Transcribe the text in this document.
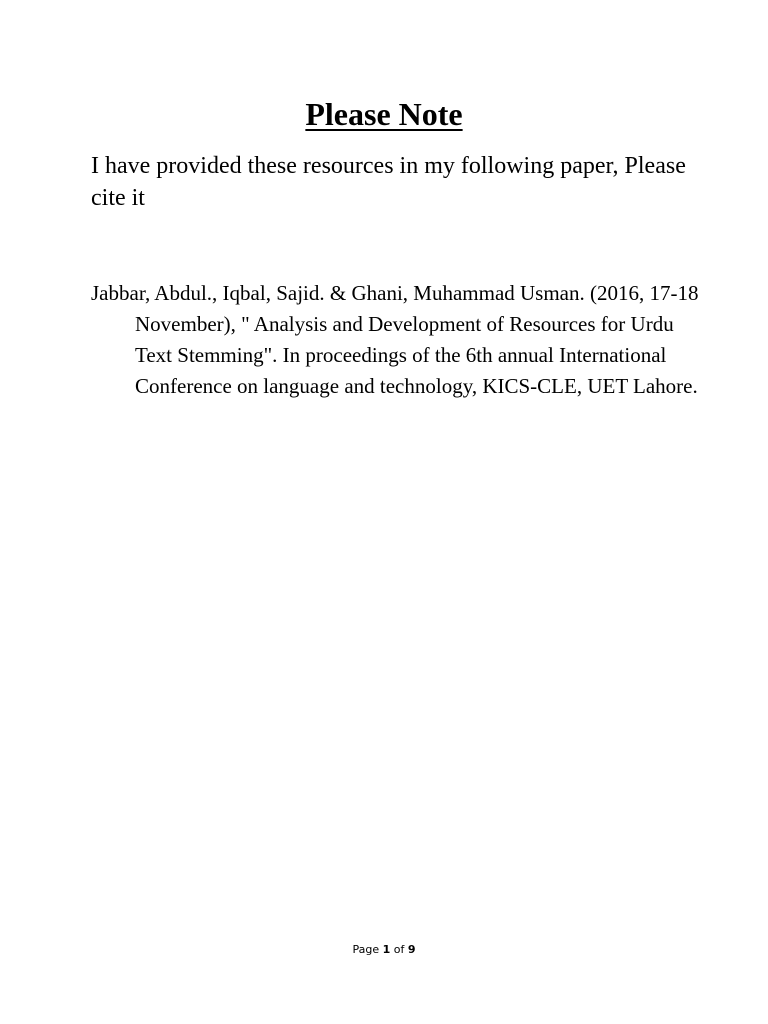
Please Note

I have provided these resources in my following paper, Please cite it

Jabbar, Abdul., Iqbal, Sajid. & Ghani, Muhammad Usman. (2016, 17-18 November), " Analysis and Development of Resources for Urdu Text Stemming". In proceedings of the 6th annual International Conference on language and technology, KICS-CLE, UET Lahore.

Page 1 of 9
